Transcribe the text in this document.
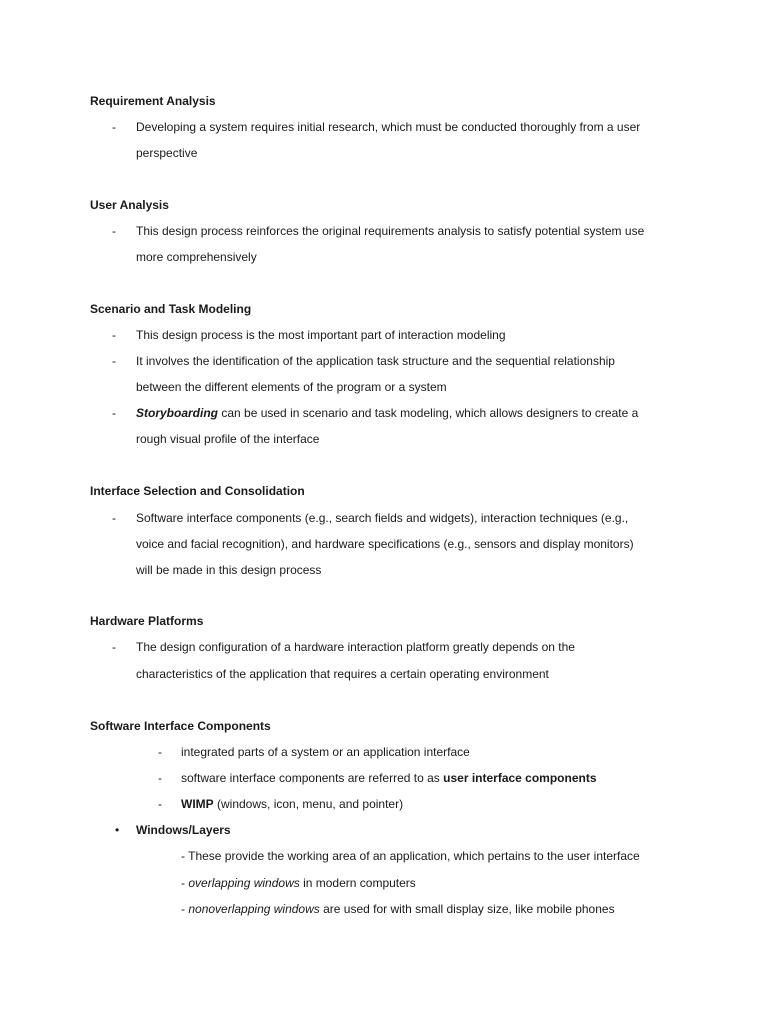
Requirement Analysis
- Developing a system requires initial research, which must be conducted thoroughly from a user
perspective
User Analysis
- This design process reinforces the original requirements analysis to satisfy potential system use
more comprehensively
Scenario and Task Modeling
- This design process is the most important part of interaction modeling
- It involves the identification of the application task structure and the sequential relationship
between the different elements of the program or a system
- Storyboarding can be used in scenario and task modeling, which allows designers to create a
rough visual profile of the interface
Interface Selection and Consolidation
- Software interface components (e.g., search fields and widgets), interaction techniques (e.g.,
voice and facial recognition), and hardware specifications (e.g., sensors and display monitors)
will be made in this design process
Hardware Platforms
- The design configuration of a hardware interaction platform greatly depends on the
characteristics of the application that requires a certain operating environment
Software Interface Components
- integrated parts of a system or an application interface
- software interface components are referred to as user interface components
- WIMP (windows, icon, menu, and pointer)
• Windows/Layers
- These provide the working area of an application, which pertains to the user interface
- overlapping windows in modern computers
- nonoverlapping windows are used for with small display size, like mobile phones
